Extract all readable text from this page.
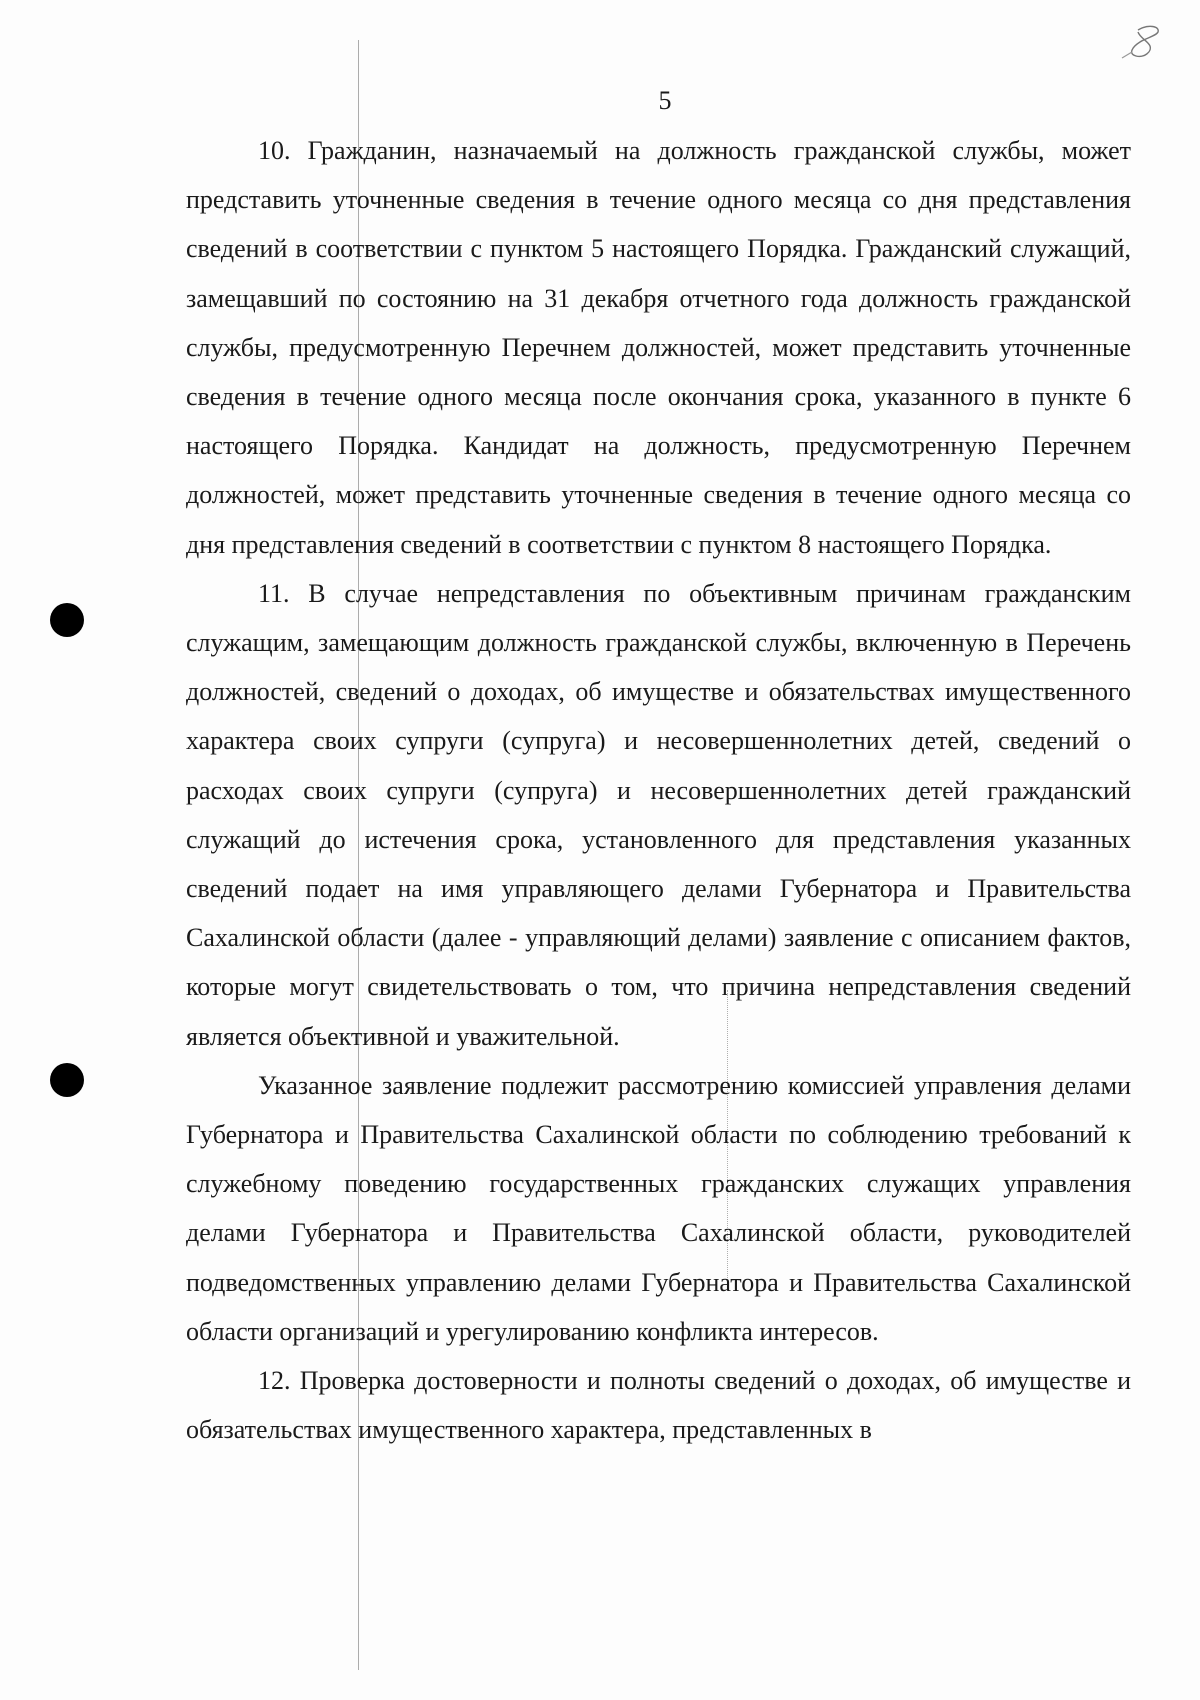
5

10. Гражданин, назначаемый на должность гражданской службы, может представить уточненные сведения в течение одного месяца со дня представления сведений в соответствии с пунктом 5 настоящего Порядка. Гражданский служащий, замещавший по состоянию на 31 декабря отчетного года должность гражданской службы, предусмотренную Перечнем должностей, может представить уточненные сведения в течение одного месяца после окончания срока, указанного в пункте 6 настоящего Порядка. Кандидат на должность, предусмотренную Перечнем должностей, может представить уточненные сведения в течение одного месяца со дня представления сведений в соответствии с пунктом 8 настоящего Порядка.

11. В случае непредставления по объективным причинам гражданским служащим, замещающим должность гражданской службы, включенную в Перечень должностей, сведений о доходах, об имуществе и обязательствах имущественного характера своих супруги (супруга) и несовершеннолетних детей, сведений о расходах своих супруги (супруга) и несовершеннолетних детей гражданский служащий до истечения срока, установленного для представления указанных сведений подает на имя управляющего делами Губернатора и Правительства Сахалинской области (далее - управляющий делами) заявление с описанием фактов, которые могут свидетельствовать о том, что причина непредставления сведений является объективной и уважительной.

Указанное заявление подлежит рассмотрению комиссией управления делами Губернатора и Правительства Сахалинской области по соблюдению требований к служебному поведению государственных гражданских служащих управления делами Губернатора и Правительства Сахалинской области, руководителей подведомственных управлению делами Губернатора и Правительства Сахалинской области организаций и урегулированию конфликта интересов.

12. Проверка достоверности и полноты сведений о доходах, об имуществе и обязательствах имущественного характера, представленных в
